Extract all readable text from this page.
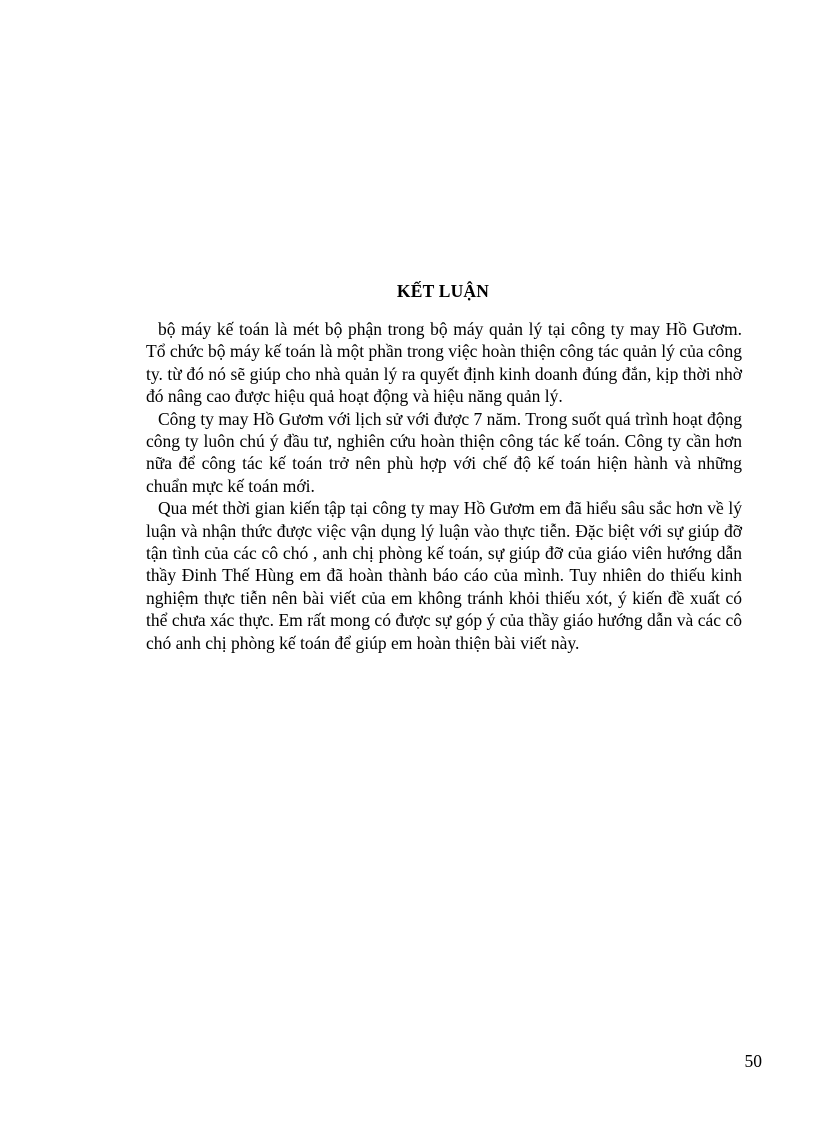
KẾT LUẬN

bộ máy kế toán là mét bộ phận trong bộ máy quản lý tại công ty may Hồ Gươm. Tổ chức bộ máy kế toán là một phần trong việc hoàn thiện công tác quản lý của công ty. từ đó nó sẽ giúp cho nhà quản lý ra quyết định kinh doanh đúng đắn, kịp thời nhờ đó nâng cao được hiệu quả hoạt động và hiệu năng quản lý.

Công ty may Hồ Gươm với lịch sử với được 7 năm. Trong suốt quá trình hoạt động công ty luôn chú ý đầu tư, nghiên cứu hoàn thiện công tác kế toán. Công ty cần hơn nữa để công tác kế toán trở nên phù hợp với chế độ kế toán hiện hành và những chuẩn mực kế toán mới.

Qua mét thời gian kiến tập tại công ty may Hồ Gươm em đã hiểu sâu sắc hơn về lý luận và nhận thức được việc vận dụng lý luận vào thực tiễn. Đặc biệt với sự giúp đỡ tận tình của các cô chó , anh chị phòng kế toán, sự giúp đỡ của giáo viên hướng dẫn thầy Đinh Thế Hùng em đã hoàn thành báo cáo của mình. Tuy nhiên do thiếu kinh nghiệm thực tiễn nên bài viết của em không tránh khỏi thiếu xót, ý kiến đề xuất có thể chưa xác thực. Em rất mong có được sự góp ý của thầy giáo hướng dẫn và các cô chó anh chị phòng kế toán để giúp em hoàn thiện bài viết này.

50
